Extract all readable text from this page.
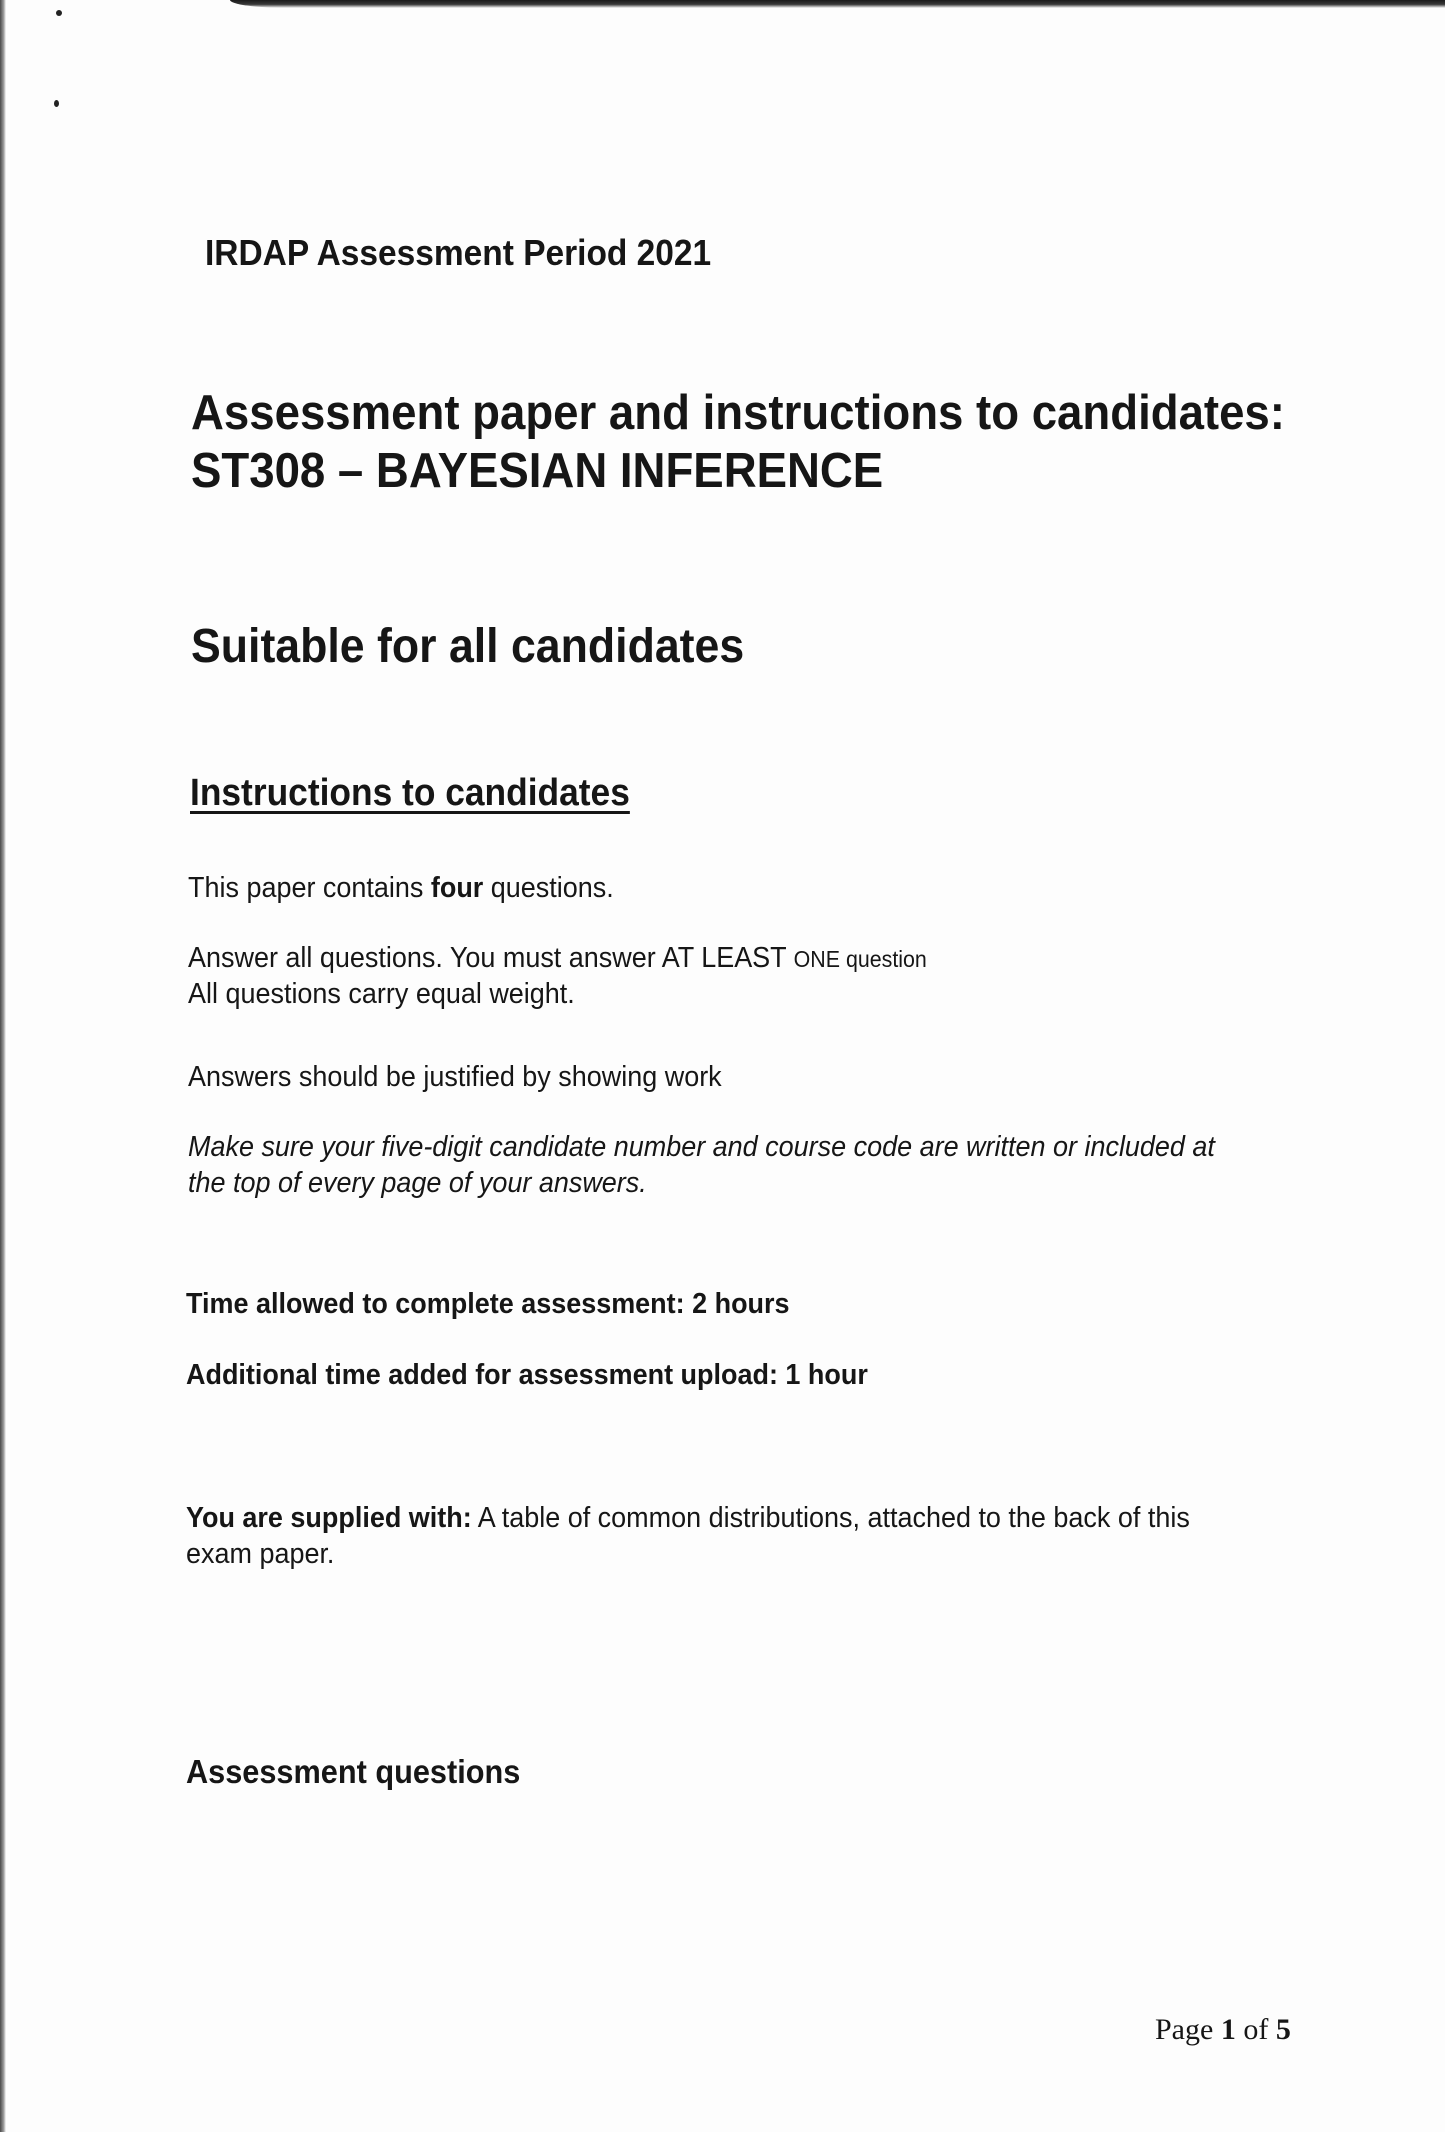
IRDAP Assessment Period 2021

Assessment paper and instructions to candidates:
ST308 – BAYESIAN INFERENCE
Suitable for all candidates
Instructions to candidates

This paper contains four questions.

Answer all questions. You must answer AT LEAST ONE question

All questions carry equal weight.

Answers should be justified by showing work

Make sure your five-digit candidate number and course code are written or included at

the top of every page of your answers.

Time allowed to complete assessment: 2 hours

Additional time added for assessment upload: 1 hour

You are supplied with: A table of common distributions, attached to the back of this

exam paper.

Assessment questions

Page 1 of 5
